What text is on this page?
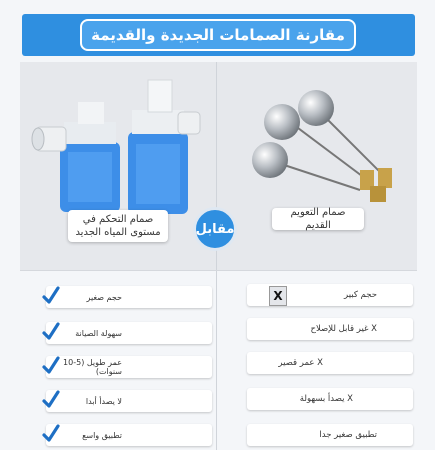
مقارنة الصمامات الجديدة والقديمة
صمام التحكم في
مستوى المياه الجديد
صمام التعويم القديم
مقابل
حجم صغير
سهولة الصيانة
عمر طويل (5-10 سنوات)
لا يصدأ أبدا
تطبيق واسع
حجم كبير
X
X غير قابل للإصلاح
X عمر قصير
X يصدأ بسهولة
تطبيق صغير جدا
